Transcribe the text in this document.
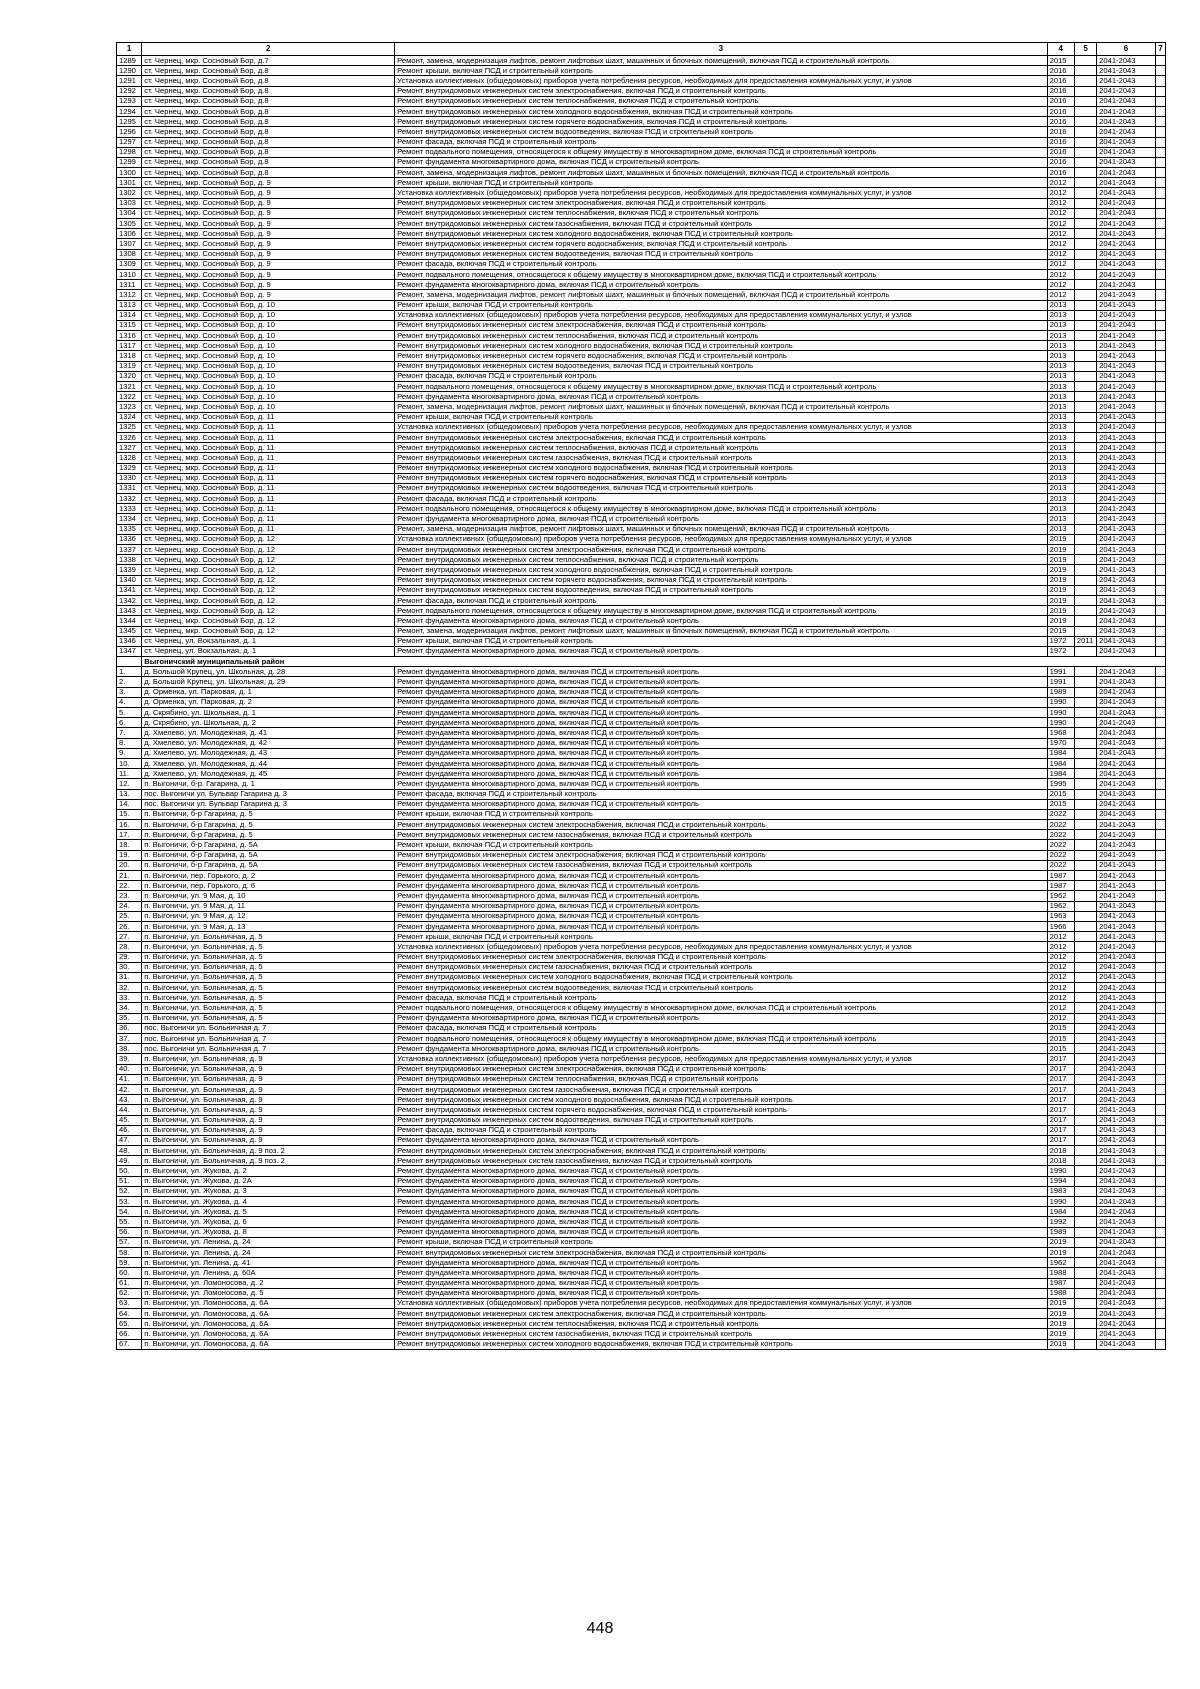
1	2	3	4	5	6	7
1289	ст. Чернец, мкр. Сосновый Бор, д.7	Ремонт, замена, модернизация лифтов, ремонт лифтовых шахт, машинных и блочных помещений, включая ПСД и строительный контроль	2015		2041-2043	
1290	ст. Чернец, мкр. Сосновый Бор, д.8	Ремонт крыши, включая ПСД и строительный контроль	2016		2041-2043	
1291	ст. Чернец, мкр. Сосновый Бор, д.8	Установка коллективных (общедомовых) приборов учета потребления ресурсов, необходимых для предоставления коммунальных услуг, и узлов	2016		2041-2043	
1292	ст. Чернец, мкр. Сосновый Бор, д.8	Ремонт внутридомовых инженерных систем электроснабжения, включая ПСД и строительный контроль	2016		2041-2043	
1293	ст. Чернец, мкр. Сосновый Бор, д.8	Ремонт внутридомовых инженерных систем теплоснабжения, включая ПСД и строительный контроль	2016		2041-2043	
1294	ст. Чернец, мкр. Сосновый Бор, д.8	Ремонт внутридомовых инженерных систем холодного водоснабжения, включая ПСД и строительный контроль	2016		2041-2043	
1295	ст. Чернец, мкр. Сосновый Бор, д.8	Ремонт внутридомовых инженерных систем горячего водоснабжения, включая ПСД и строительный контроль	2016		2041-2043	
1296	ст. Чернец, мкр. Сосновый Бор, д.8	Ремонт внутридомовых инженерных систем водоотведения, включая ПСД и строительный контроль	2016		2041-2043	
1297	ст. Чернец, мкр. Сосновый Бор, д.8	Ремонт фасада, включая ПСД и строительный контроль	2016		2041-2043	
1298	ст. Чернец, мкр. Сосновый Бор, д.8	Ремонт подвального помещения, относящегося к общему имуществу в многоквартирном доме, включая ПСД и строительный контроль	2016		2041-2043	
1299	ст. Чернец, мкр. Сосновый Бор, д.8	Ремонт фундамента многоквартирного дома, включая ПСД и строительный контроль	2016		2041-2043	
1300	ст. Чернец, мкр. Сосновый Бор, д.8	Ремонт, замена, модернизация лифтов, ремонт лифтовых шахт, машинных и блочных помещений, включая ПСД и строительный контроль	2016		2041-2043	
1301	ст. Чернец, мкр. Сосновый Бор, д. 9	Ремонт крыши, включая ПСД и строительный контроль	2012		2041-2043	
1302	ст. Чернец, мкр. Сосновый Бор, д. 9	Установка коллективных (общедомовых) приборов учета потребления ресурсов, необходимых для предоставления коммунальных услуг, и узлов	2012		2041-2043	
1303	ст. Чернец, мкр. Сосновый Бор, д. 9	Ремонт внутридомовых инженерных систем электроснабжения, включая ПСД и строительный контроль	2012		2041-2043	
1304	ст. Чернец, мкр. Сосновый Бор, д. 9	Ремонт внутридомовых инженерных систем теплоснабжения, включая ПСД и строительный контроль	2012		2041-2043	
1305	ст. Чернец, мкр. Сосновый Бор, д. 9	Ремонт внутридомовых инженерных систем газоснабжения, включая ПСД и строительный контроль	2012		2041-2043	
1306	ст. Чернец, мкр. Сосновый Бор, д. 9	Ремонт внутридомовых инженерных систем холодного водоснабжения, включая ПСД и строительный контроль	2012		2041-2043	
1307	ст. Чернец, мкр. Сосновый Бор, д. 9	Ремонт внутридомовых инженерных систем горячего водоснабжения, включая ПСД и строительный контроль	2012		2041-2043	
1308	ст. Чернец, мкр. Сосновый Бор, д. 9	Ремонт внутридомовых инженерных систем водоотведения, включая ПСД и строительный контроль	2012		2041-2043	
1309	ст. Чернец, мкр. Сосновый Бор, д. 9	Ремонт фасада, включая ПСД и строительный контроль	2012		2041-2043	
1310	ст. Чернец, мкр. Сосновый Бор, д. 9	Ремонт подвального помещения, относящегося к общему имуществу в многоквартирном доме, включая ПСД и строительный контроль	2012		2041-2043	
1311	ст. Чернец, мкр. Сосновый Бор, д. 9	Ремонт фундамента многоквартирного дома, включая ПСД и строительный контроль	2012		2041-2043	
1312	ст. Чернец, мкр. Сосновый Бор, д. 9	Ремонт, замена, модернизация лифтов, ремонт лифтовых шахт, машинных и блочных помещений, включая ПСД и строительный контроль	2012		2041-2043	
1313	ст. Чернец, мкр. Сосновый Бор, д. 10	Ремонт крыши, включая ПСД и строительный контроль	2013		2041-2043	
1314	ст. Чернец, мкр. Сосновый Бор, д. 10	Установка коллективных (общедомовых) приборов учета потребления ресурсов, необходимых для предоставления коммунальных услуг, и узлов	2013		2041-2043	
1315	ст. Чернец, мкр. Сосновый Бор, д. 10	Ремонт внутридомовых инженерных систем электроснабжения, включая ПСД и строительный контроль	2013		2041-2043	
1316	ст. Чернец, мкр. Сосновый Бор, д. 10	Ремонт внутридомовых инженерных систем теплоснабжения, включая ПСД и строительный контроль	2013		2041-2043	
1317	ст. Чернец, мкр. Сосновый Бор, д. 10	Ремонт внутридомовых инженерных систем холодного водоснабжения, включая ПСД и строительный контроль	2013		2041-2043	
1318	ст. Чернец, мкр. Сосновый Бор, д. 10	Ремонт внутридомовых инженерных систем горячего водоснабжения, включая ПСД и строительный контроль	2013		2041-2043	
1319	ст. Чернец, мкр. Сосновый Бор, д. 10	Ремонт внутридомовых инженерных систем водоотведения, включая ПСД и строительный контроль	2013		2041-2043	
1320	ст. Чернец, мкр. Сосновый Бор, д. 10	Ремонт фасада, включая ПСД и строительный контроль	2013		2041-2043	
1321	ст. Чернец, мкр. Сосновый Бор, д. 10	Ремонт подвального помещения, относящегося к общему имуществу в многоквартирном доме, включая ПСД и строительный контроль	2013		2041-2043	
1322	ст. Чернец, мкр. Сосновый Бор, д. 10	Ремонт фундамента многоквартирного дома, включая ПСД и строительный контроль	2013		2041-2043	
1323	ст. Чернец, мкр. Сосновый Бор, д. 10	Ремонт, замена, модернизация лифтов, ремонт лифтовых шахт, машинных и блочных помещений, включая ПСД и строительный контроль	2013		2041-2043	
1324	ст. Чернец, мкр. Сосновый Бор, д. 11	Ремонт крыши, включая ПСД и строительный контроль	2013		2041-2043	
1325	ст. Чернец, мкр. Сосновый Бор, д. 11	Установка коллективных (общедомовых) приборов учета потребления ресурсов, необходимых для предоставления коммунальных услуг, и узлов	2013		2041-2043	
1326	ст. Чернец, мкр. Сосновый Бор, д. 11	Ремонт внутридомовых инженерных систем электроснабжения, включая ПСД и строительный контроль	2013		2041-2043	
1327	ст. Чернец, мкр. Сосновый Бор, д. 11	Ремонт внутридомовых инженерных систем теплоснабжения, включая ПСД и строительный контроль	2013		2041-2043	
1328	ст. Чернец, мкр. Сосновый Бор, д. 11	Ремонт внутридомовых инженерных систем газоснабжения, включая ПСД и строительный контроль	2013		2041-2043	
1329	ст. Чернец, мкр. Сосновый Бор, д. 11	Ремонт внутридомовых инженерных систем холодного водоснабжения, включая ПСД и строительный контроль	2013		2041-2043	
1330	ст. Чернец, мкр. Сосновый Бор, д. 11	Ремонт внутридомовых инженерных систем горячего водоснабжения, включая ПСД и строительный контроль	2013		2041-2043	
1331	ст. Чернец, мкр. Сосновый Бор, д. 11	Ремонт внутридомовых инженерных систем водоотведения, включая ПСД и строительный контроль	2013		2041-2043	
1332	ст. Чернец, мкр. Сосновый Бор, д. 11	Ремонт фасада, включая ПСД и строительный контроль	2013		2041-2043	
1333	ст. Чернец, мкр. Сосновый Бор, д. 11	Ремонт подвального помещения, относящегося к общему имуществу в многоквартирном доме, включая ПСД и строительный контроль	2013		2041-2043	
1334	ст. Чернец, мкр. Сосновый Бор, д. 11	Ремонт фундамента многоквартирного дома, включая ПСД и строительный контроль	2013		2041-2043	
1335	ст. Чернец, мкр. Сосновый Бор, д. 11	Ремонт, замена, модернизация лифтов, ремонт лифтовых шахт, машинных и блочных помещений, включая ПСД и строительный контроль	2013		2041-2043	
1336	ст. Чернец, мкр. Сосновый Бор, д. 12	Установка коллективных (общедомовых) приборов учета потребления ресурсов, необходимых для предоставления коммунальных услуг, и узлов	2019		2041-2043	
1337	ст. Чернец, мкр. Сосновый Бор, д. 12	Ремонт внутридомовых инженерных систем электроснабжения, включая ПСД и строительный контроль	2019		2041-2043	
1338	ст. Чернец, мкр. Сосновый Бор, д. 12	Ремонт внутридомовых инженерных систем теплоснабжения, включая ПСД и строительный контроль	2019		2041-2043	
1339	ст. Чернец, мкр. Сосновый Бор, д. 12	Ремонт внутридомовых инженерных систем холодного водоснабжения, включая ПСД и строительный контроль	2019		2041-2043	
1340	ст. Чернец, мкр. Сосновый Бор, д. 12	Ремонт внутридомовых инженерных систем горячего водоснабжения, включая ПСД и строительный контроль	2019		2041-2043	
1341	ст. Чернец, мкр. Сосновый Бор, д. 12	Ремонт внутридомовых инженерных систем водоотведения, включая ПСД и строительный контроль	2019		2041-2043	
1342	ст. Чернец, мкр. Сосновый Бор, д. 12	Ремонт фасада, включая ПСД и строительный контроль	2019		2041-2043	
1343	ст. Чернец, мкр. Сосновый Бор, д. 12	Ремонт подвального помещения, относящегося к общему имуществу в многоквартирном доме, включая ПСД и строительный контроль	2019		2041-2043	
1344	ст. Чернец, мкр. Сосновый Бор, д. 12	Ремонт фундамента многоквартирного дома, включая ПСД и строительный контроль	2019		2041-2043	
1345	ст. Чернец, мкр. Сосновый Бор, д. 12	Ремонт, замена, модернизация лифтов, ремонт лифтовых шахт, машинных и блочных помещений, включая ПСД и строительный контроль	2019		2041-2043	
1346	ст. Чернец, ул. Вокзальная, д. 1	Ремонт крыши, включая ПСД и строительный контроль	1972	2011	2041-2043	
1347	ст. Чернец, ул. Вокзальная, д. 1	Ремонт фундамента многоквартирного дома, включая ПСД и строительный контроль	1972		2041-2043	
	Выгоничский муниципальный район					
1.	д. Большой Крупец, ул. Школьная, д. 28	Ремонт фундамента многоквартирного дома, включая ПСД и строительный контроль	1991		2041-2043	
2.	д. Большой Крупец, ул. Школьная, д. 29	Ремонт фундамента многоквартирного дома, включая ПСД и строительный контроль	1991		2041-2043	
3.	д. Орменка, ул. Парковая, д. 1	Ремонт фундамента многоквартирного дома, включая ПСД и строительный контроль	1989		2041-2043	
4.	д. Орменка, ул. Парковая, д. 2	Ремонт фундамента многоквартирного дома, включая ПСД и строительный контроль	1990		2041-2043	
5.	д. Скрябино, ул. Школьная, д. 1	Ремонт фундамента многоквартирного дома, включая ПСД и строительный контроль	1990		2041-2043	
6.	д. Скрябино, ул. Школьная, д. 2	Ремонт фундамента многоквартирного дома, включая ПСД и строительный контроль	1990		2041-2043	
7.	д. Хмелево, ул. Молодежная, д. 41	Ремонт фундамента многоквартирного дома, включая ПСД и строительный контроль	1968		2041-2043	
8.	д. Хмелево, ул. Молодежная, д. 42	Ремонт фундамента многоквартирного дома, включая ПСД и строительный контроль	1970		2041-2043	
9.	д. Хмелево, ул. Молодежная, д. 43	Ремонт фундамента многоквартирного дома, включая ПСД и строительный контроль	1984		2041-2043	
10.	д. Хмелево, ул. Молодежная, д. 44	Ремонт фундамента многоквартирного дома, включая ПСД и строительный контроль	1984		2041-2043	
11.	д. Хмелево, ул. Молодежная, д. 45	Ремонт фундамента многоквартирного дома, включая ПСД и строительный контроль	1984		2041-2043	
12.	п. Выгоничи, б-р. Гагарина, д. 1	Ремонт фундамента многоквартирного дома, включая ПСД и строительный контроль	1995		2041-2043	
13.	пос. Выгоничи ул. Бульвар Гагарина д. 3	Ремонт фасада, включая ПСД и строительный контроль	2015		2041-2043	
14.	пос. Выгоничи ул. Бульвар Гагарина д. 3	Ремонт фундамента многоквартирного дома, включая ПСД и строительный контроль	2015		2041-2043	
15.	п. Выгоничи, б-р Гагарина, д. 5	Ремонт крыши, включая ПСД и строительный контроль	2022		2041-2043	
16.	п. Выгоничи, б-р Гагарина, д. 5	Ремонт внутридомовых инженерных систем электроснабжения, включая ПСД и строительный контроль	2022		2041-2043	
17.	п. Выгоничи, б-р Гагарина, д. 5	Ремонт внутридомовых инженерных систем газоснабжения, включая ПСД и строительный контроль	2022		2041-2043	
18.	п. Выгоничи, б-р Гагарина, д. 5А	Ремонт крыши, включая ПСД и строительный контроль	2022		2041-2043	
19.	п. Выгоничи, б-р Гагарина, д. 5А	Ремонт внутридомовых инженерных систем электроснабжения, включая ПСД и строительный контроль	2022		2041-2043	
20.	п. Выгоничи, б-р Гагарина, д. 5А	Ремонт внутридомовых инженерных систем газоснабжения, включая ПСД и строительный контроль	2022		2041-2043	
21.	п. Выгоничи, пер. Горького, д. 2	Ремонт фундамента многоквартирного дома, включая ПСД и строительный контроль	1987		2041-2043	
22.	п. Выгоничи, пер. Горького, д. 6	Ремонт фундамента многоквартирного дома, включая ПСД и строительный контроль	1987		2041-2043	
23.	п. Выгоничи, ул. 9 Мая, д. 10	Ремонт фундамента многоквартирного дома, включая ПСД и строительный контроль	1962		2041-2043	
24.	п. Выгоничи, ул. 9 Мая, д. 11	Ремонт фундамента многоквартирного дома, включая ПСД и строительный контроль	1962		2041-2043	
25.	п. Выгоничи, ул. 9 Мая, д. 12	Ремонт фундамента многоквартирного дома, включая ПСД и строительный контроль	1963		2041-2043	
26.	п. Выгоничи, ул. 9 Мая, д. 13	Ремонт фундамента многоквартирного дома, включая ПСД и строительный контроль	1966		2041-2043	
27.	п. Выгоничи, ул. Больничная, д. 5	Ремонт крыши, включая ПСД и строительный контроль	2012		2041-2043	
28.	п. Выгоничи, ул. Больничная, д. 5	Установка коллективных (общедомовых) приборов учета потребления ресурсов, необходимых для предоставления коммунальных услуг, и узлов	2012		2041-2043	
29.	п. Выгоничи, ул. Больничная, д. 5	Ремонт внутридомовых инженерных систем электроснабжения, включая ПСД и строительный контроль	2012		2041-2043	
30.	п. Выгоничи, ул. Больничная, д. 5	Ремонт внутридомовых инженерных систем газоснабжения, включая ПСД и строительный контроль	2012		2041-2043	
31.	п. Выгоничи, ул. Больничная, д. 5	Ремонт внутридомовых инженерных систем холодного водоснабжения, включая ПСД и строительный контроль	2012		2041-2043	
32.	п. Выгоничи, ул. Больничная, д. 5	Ремонт внутридомовых инженерных систем водоотведения, включая ПСД и строительный контроль	2012		2041-2043	
33.	п. Выгоничи, ул. Больничная, д. 5	Ремонт фасада, включая ПСД и строительный контроль	2012		2041-2043	
34.	п. Выгоничи, ул. Больничная, д. 5	Ремонт подвального помещения, относящегося к общему имуществу в многоквартирном доме, включая ПСД и строительный контроль	2012		2041-2043	
35.	п. Выгоничи, ул. Больничная, д. 5	Ремонт фундамента многоквартирного дома, включая ПСД и строительный контроль	2012		2041-2043	
36.	пос. Выгоничи ул. Больничная д. 7	Ремонт фасада, включая ПСД и строительный контроль	2015		2041-2043	
37.	пос. Выгоничи ул. Больничная д. 7	Ремонт подвального помещения, относящегося к общему имуществу в многоквартирном доме, включая ПСД и строительный контроль	2015		2041-2043	
38.	пос. Выгоничи ул. Больничная д. 7	Ремонт фундамента многоквартирного дома, включая ПСД и строительный контроль	2015		2041-2043	
39.	п. Выгоничи, ул. Больничная, д. 9	Установка коллективных (общедомовых) приборов учета потребления ресурсов, необходимых для предоставления коммунальных услуг, и узлов	2017		2041-2043	
40.	п. Выгоничи, ул. Больничная, д. 9	Ремонт внутридомовых инженерных систем электроснабжения, включая ПСД и строительный контроль	2017		2041-2043	
41.	п. Выгоничи, ул. Больничная, д. 9	Ремонт внутридомовых инженерных систем теплоснабжения, включая ПСД и строительный контроль	2017		2041-2043	
42.	п. Выгоничи, ул. Больничная, д. 9	Ремонт внутридомовых инженерных систем газоснабжения, включая ПСД и строительный контроль	2017		2041-2043	
43.	п. Выгоничи, ул. Больничная, д. 9	Ремонт внутридомовых инженерных систем холодного водоснабжения, включая ПСД и строительный контроль	2017		2041-2043	
44.	п. Выгоничи, ул. Больничная, д. 9	Ремонт внутридомовых инженерных систем горячего водоснабжения, включая ПСД и строительный контроль	2017		2041-2043	
45.	п. Выгоничи, ул. Больничная, д. 9	Ремонт внутридомовых инженерных систем водоотведения, включая ПСД и строительный контроль	2017		2041-2043	
46.	п. Выгоничи, ул. Больничная, д. 9	Ремонт фасада, включая ПСД и строительный контроль	2017		2041-2043	
47.	п. Выгоничи, ул. Больничная, д. 9	Ремонт фундамента многоквартирного дома, включая ПСД и строительный контроль	2017		2041-2043	
48.	п. Выгоничи, ул. Больничная, д. 9 поз. 2	Ремонт внутридомовых инженерных систем электроснабжения, включая ПСД и строительный контроль	2018		2041-2043	
49.	п. Выгоничи, ул. Больничная, д. 9 поз. 2	Ремонт внутридомовых инженерных систем газоснабжения, включая ПСД и строительный контроль	2018		2041-2043	
50.	п. Выгоничи, ул. Жукова, д. 2	Ремонт фундамента многоквартирного дома, включая ПСД и строительный контроль	1990		2041-2043	
51.	п. Выгоничи, ул. Жукова, д. 2А	Ремонт фундамента многоквартирного дома, включая ПСД и строительный контроль	1994		2041-2043	
52.	п. Выгоничи, ул. Жукова, д. 3	Ремонт фундамента многоквартирного дома, включая ПСД и строительный контроль	1983		2041-2043	
53.	п. Выгоничи, ул. Жукова, д. 4	Ремонт фундамента многоквартирного дома, включая ПСД и строительный контроль	1990		2041-2043	
54.	п. Выгоничи, ул. Жукова, д. 5	Ремонт фундамента многоквартирного дома, включая ПСД и строительный контроль	1984		2041-2043	
55.	п. Выгоничи, ул. Жукова, д. 6	Ремонт фундамента многоквартирного дома, включая ПСД и строительный контроль	1992		2041-2043	
56.	п. Выгоничи, ул. Жукова, д. 8	Ремонт фундамента многоквартирного дома, включая ПСД и строительный контроль	1989		2041-2043	
57.	п. Выгоничи, ул. Ленина, д. 24	Ремонт крыши, включая ПСД и строительный контроль	2019		2041-2043	
58.	п. Выгоничи, ул. Ленина, д. 24	Ремонт внутридомовых инженерных систем электроснабжения, включая ПСД и строительный контроль	2019		2041-2043	
59.	п. Выгоничи, ул. Ленина, д. 41	Ремонт фундамента многоквартирного дома, включая ПСД и строительный контроль	1962		2041-2043	
60.	п. Выгоничи, ул. Ленина, д. 60А	Ремонт фундамента многоквартирного дома, включая ПСД и строительный контроль	1988		2041-2043	
61.	п. Выгоничи, ул. Ломоносова, д. 2	Ремонт фундамента многоквартирного дома, включая ПСД и строительный контроль	1987		2041-2043	
62.	п. Выгоничи, ул. Ломоносова, д. 5	Ремонт фундамента многоквартирного дома, включая ПСД и строительный контроль	1988		2041-2043	
63.	п. Выгоничи, ул. Ломоносова, д. 6А	Установка коллективных (общедомовых) приборов учета потребления ресурсов, необходимых для предоставления коммунальных услуг, и узлов	2019		2041-2043	
64.	п. Выгоничи, ул. Ломоносова, д. 6А	Ремонт внутридомовых инженерных систем электроснабжения, включая ПСД и строительный контроль	2019		2041-2043	
65.	п. Выгоничи, ул. Ломоносова, д. 6А	Ремонт внутридомовых инженерных систем теплоснабжения, включая ПСД и строительный контроль	2019		2041-2043	
66.	п. Выгоничи, ул. Ломоносова, д. 6А	Ремонт внутридомовых инженерных систем газоснабжения, включая ПСД и строительный контроль	2019		2041-2043	
67.	п. Выгоничи, ул. Ломоносова, д. 6А	Ремонт внутридомовых инженерных систем холодного водоснабжения, включая ПСД и строительный контроль	2019		2041-2043	
448
